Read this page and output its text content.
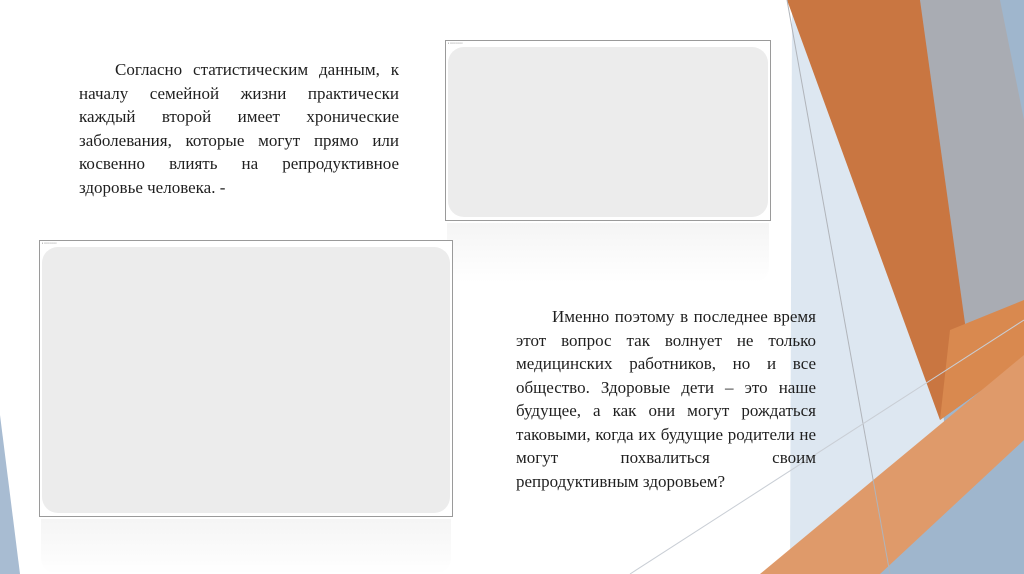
▪ ▫▫▫▫▫▫▫▫▫▫▫▫
▪ ▫▫▫▫▫▫▫▫▫▫▫▫

Согласно статистическим данным, к началу семейной жизни практически каждый второй имеет хронические заболевания, которые могут прямо или косвенно влиять на репродуктивное здоровье человека. -

Именно поэтому в последнее время этот вопрос так волнует не только медицинских работников, но и все общество. Здоровые дети – это наше будущее, а как они могут рождаться таковыми, когда их будущие родители не могут похвалиться своим репродуктивным здоровьем?
